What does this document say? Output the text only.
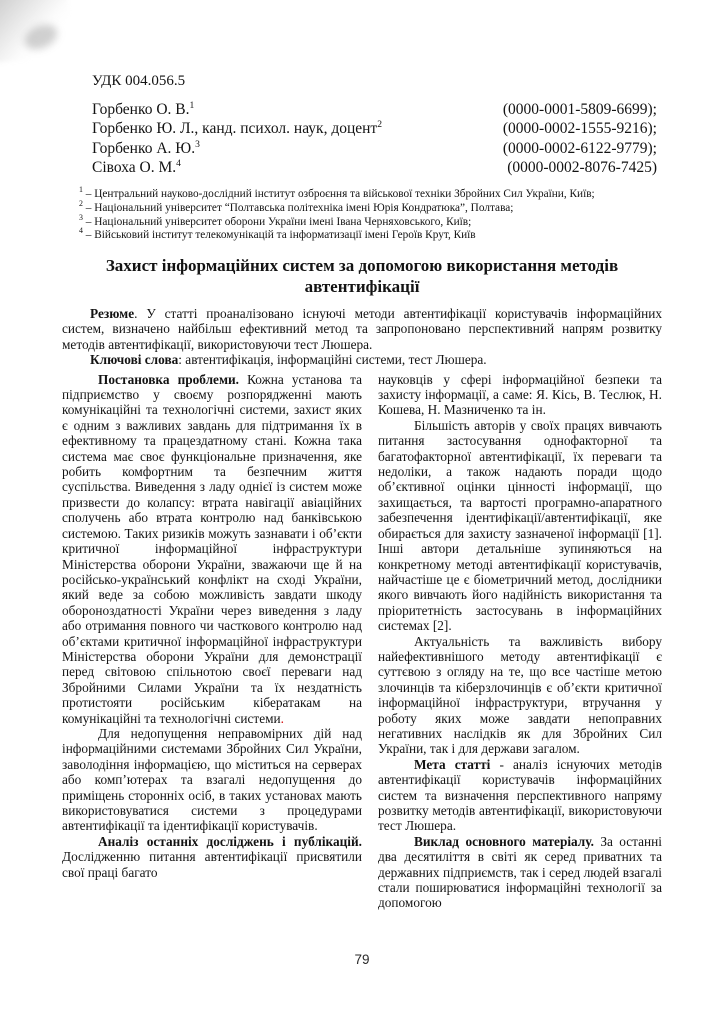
УДК 004.056.5
Горбенко О. В.$^1$	(0000-0001-5809-6699);
Горбенко Ю. Л., канд. психол. наук, доцент$^2$	(0000-0002-1555-9216);
Горбенко А. Ю.$^3$	(0000-0002-6122-9779);
Сівоха О. М.$^4$	(0000-0002-8076-7425)
$^1$ – Центральний науково-дослідний інститут озброєння та військової техніки Збройних Сил України, Київ;
$^2$ – Національний університет “Полтавська політехніка імені Юрія Кондратюка”, Полтава;
$^3$ – Національний університет оборони України імені Івана Черняховського, Київ;
$^4$ – Військовий інститут телекомунікацій та інформатизації імені Героїв Крут, Київ
Захист інформаційних систем за допомогою використання методів автентифікації

Резюме. У статті проаналізовано існуючі методи автентифікації користувачів інформаційних систем, визначено найбільш ефективний метод та запропоновано перспективний напрям розвитку методів автентифікації, використовуючи тест Люшера.

Ключові слова: автентифікація, інформаційні системи, тест Люшера.

Постановка проблеми. Кожна установа та підприємство у своєму розпорядженні мають комунікаційні та технологічні системи, захист яких є одним з важливих завдань для підтримання їх в ефективному та працездатному стані. Кожна така система має своє функціональне призначення, яке робить комфортним та безпечним життя суспільства. Виведення з ладу однієї із систем може призвести до колапсу: втрата навігації авіаційних сполучень або втрата контролю над банківською системою. Таких ризиків можуть зазнавати і об’єкти критичної інформаційної інфраструктури Міністерства оборони України, зважаючи ще й на російсько-український конфлікт на сході України, який веде за собою можливість завдати шкоду обороноздатності України через виведення з ладу або отримання повного чи часткового контролю над об’єктами критичної інформаційної інфраструктури Міністерства оборони України для демонстрації перед світовою спільнотою своєї переваги над Збройними Силами України та їх нездатність протистояти російським кібератакам на комунікаційні та технологічні системи.

Для недопущення неправомірних дій над інформаційними системами Збройних Сил України, заволодіння інформацією, що міститься на серверах або комп’ютерах та взагалі недопущення до приміщень сторонніх осіб, в таких установах мають використовуватися системи з процедурами автентифікації та ідентифікації користувачів.

Аналіз останніх досліджень і публікацій. Дослідженню питання автентифікації присвятили свої праці багато

науковців у сфері інформаційної безпеки та захисту інформації, а саме: Я. Кісь, В. Теслюк, Н. Кошева, Н. Мазниченко та ін.

Більшість авторів у своїх працях вивчають питання застосування однофакторної та багатофакторної автентифікації, їх переваги та недоліки, а також надають поради щодо об’єктивної оцінки цінності інформації, що захищається, та вартості програмно-апаратного забезпечення ідентифікації/автентифікації, яке обирається для захисту зазначеної інформації [1]. Інші автори детальніше зупиняються на конкретному методі автентифікації користувачів, найчастіше це є біометричний метод, дослідники якого вивчають його надійність використання та пріоритетність застосувань в інформаційних системах [2].

Актуальність та важливість вибору найефективнішого методу автентифікації є суттєвою з огляду на те, що все частіше метою злочинців та кіберзлочинців є об’єкти критичної інформаційної інфраструктури, втручання у роботу яких може завдати непоправних негативних наслідків як для Збройних Сил України, так і для держави загалом.

Мета статті - аналіз існуючих методів автентифікації користувачів інформаційних систем та визначення перспективного напряму розвитку методів автентифікації, використовуючи тест Люшера.

Виклад основного матеріалу. За останні два десятиліття в світі як серед приватних та державних підприємств, так і серед людей взагалі стали поширюватися інформаційні технології за допомогою

79
